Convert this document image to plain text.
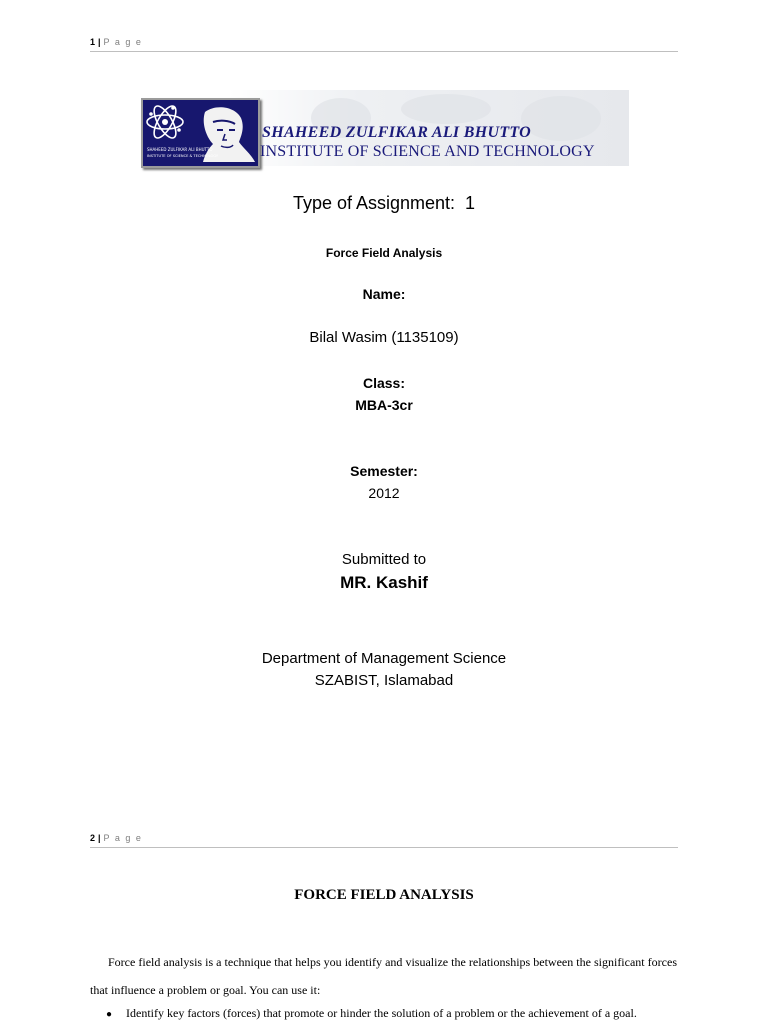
1 | P a g e
SHAHEED ZULFIKAR ALI BHUTTO
INSTITUTE OF SCIENCE & TECHNOLOGY
SHAHEED ZULFIKAR ALI BHUTTO
INSTITUTE OF SCIENCE AND TECHNOLOGY
Type of Assignment:  1
Force Field Analysis
Name:
Bilal Wasim (1135109)
Class:
MBA-3cr
Semester:
2012
Submitted to
MR. Kashif
Department of Management Science
SZABIST, Islamabad
2 | P a g e
FORCE FIELD ANALYSIS
Force field analysis is a technique that helps you identify and visualize the relationships between the significant forces that influence a problem or goal. You can use it:
● Identify key factors (forces) that promote or hinder the solution of a problem or the achievement of a goal.
